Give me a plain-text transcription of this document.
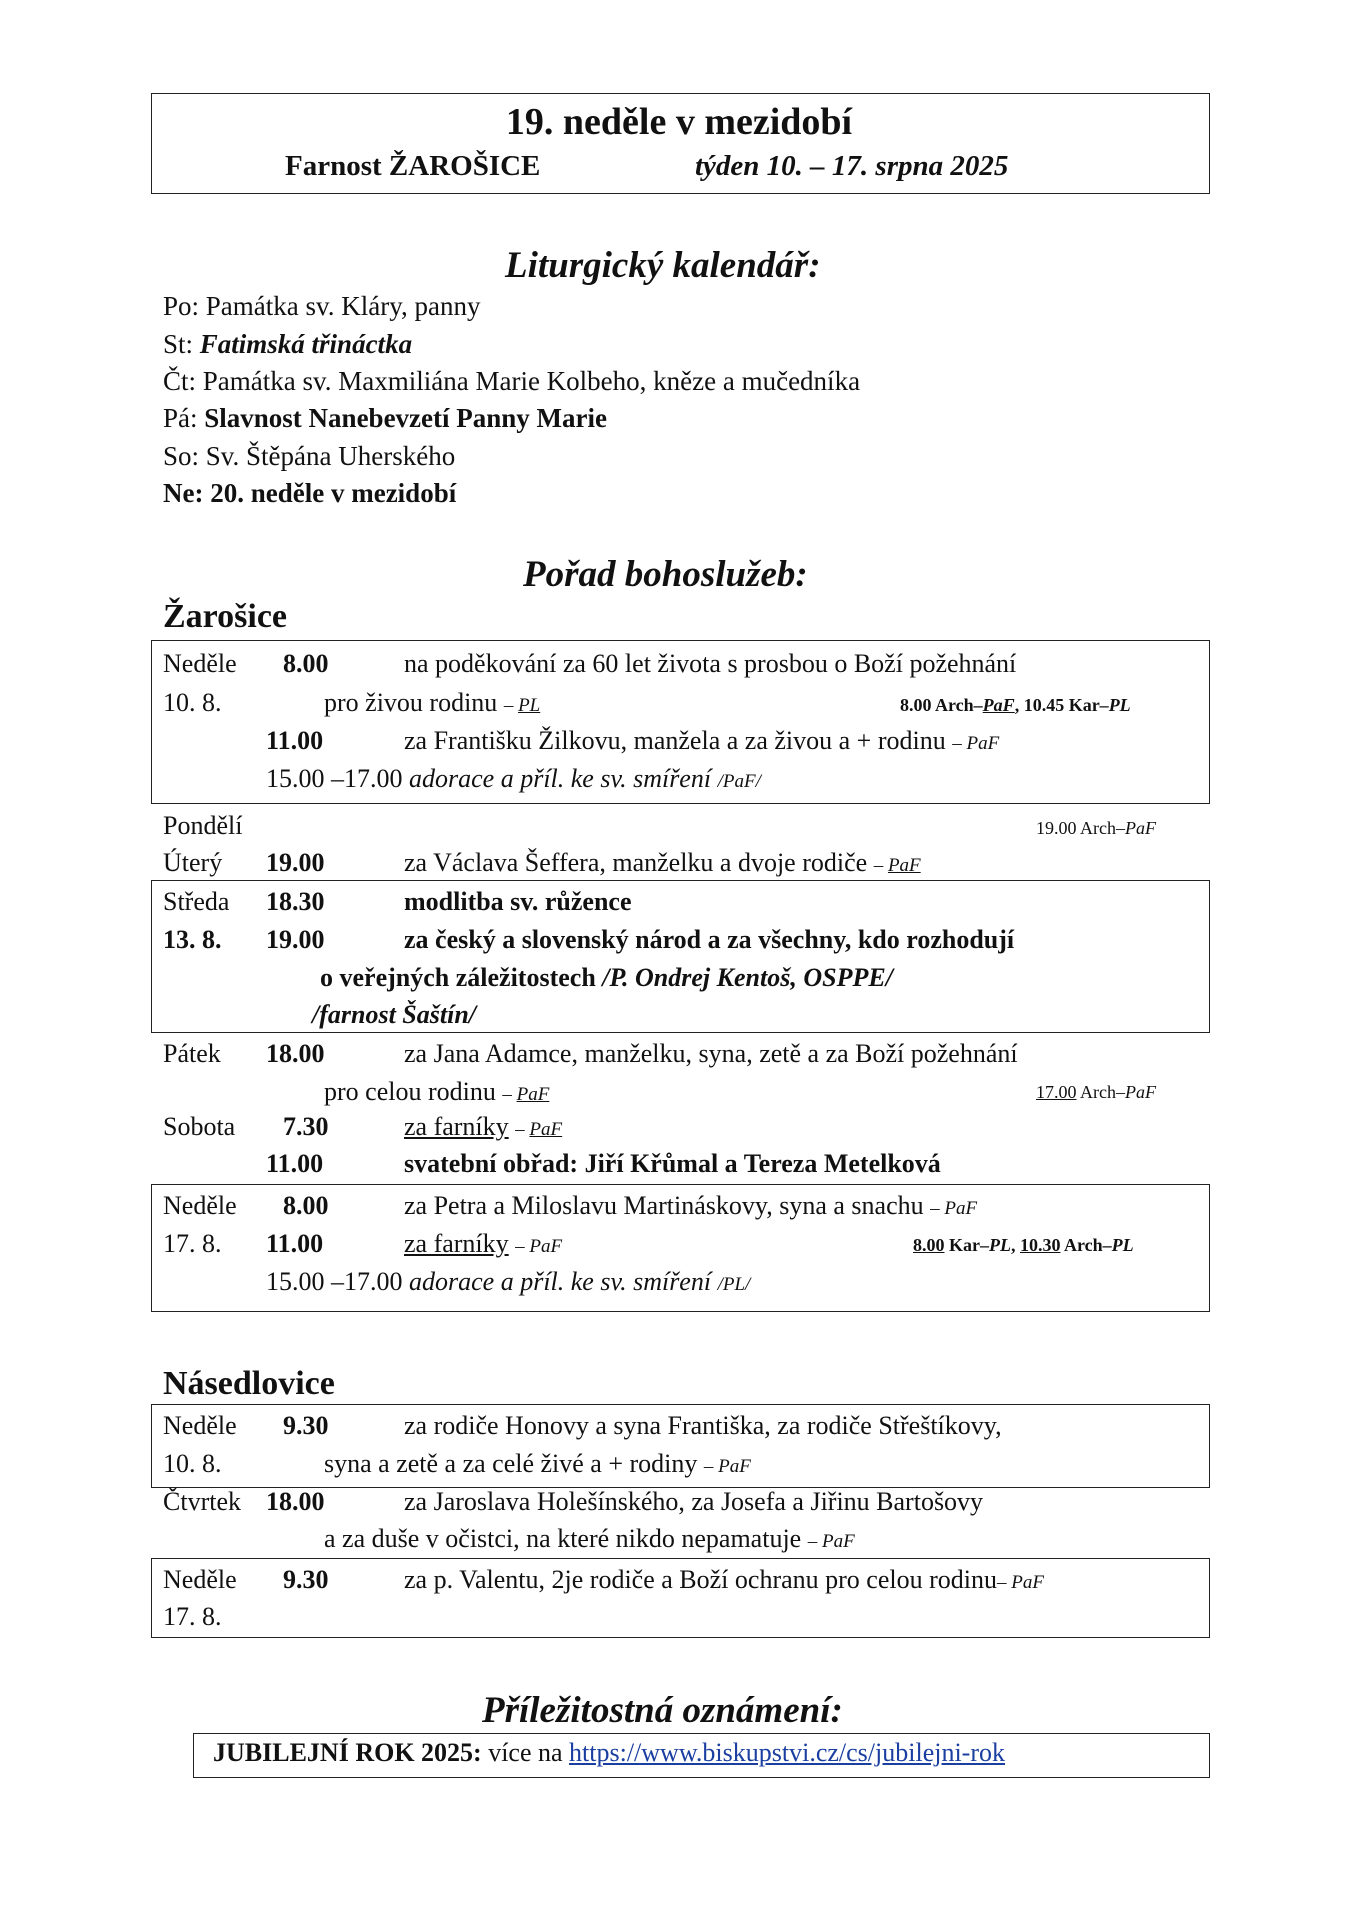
19. neděle v mezidobí
Farnost ŽAROŠICE	týden 10. – 17. srpna 2025
Liturgický kalendář:
Po: Památka sv. Kláry, panny
St: Fatimská třináctka
Čt: Památka sv. Maxmiliána Marie Kolbeho, kněze a mučedníka
Pá: Slavnost Nanebevzetí Panny Marie
So: Sv. Štěpána Uherského
Ne: 20. neděle v mezidobí
Pořad bohoslužeb:
Žarošice
Neděle 8.00	na poděkování za 60 let života s prosbou o Boží požehnání
10. 8.	pro živou rodinu – PL	8.00 Arch–PaF, 10.45 Kar–PL
11.00	za Františku Žilkovu, manžela a za živou a + rodinu – PaF
15.00 –17.00 adorace a příl. ke sv. smíření /PaF/
Pondělí	19.00 Arch–PaF
Úterý 19.00	za Václava Šeffera, manželku a dvoje rodiče – PaF
Středa 18.30	modlitba sv. růžence
13. 8. 19.00	za český a slovenský národ a za všechny, kdo rozhodují
o veřejných záležitostech /P. Ondrej Kentoš, OSPPE/
/farnost Šaštín/
Pátek 18.00	za Jana Adamce, manželku, syna, zetě a za Boží požehnání
pro celou rodinu – PaF	17.00 Arch–PaF
Sobota 7.30	za farníky – PaF
11.00	svatební obřad: Jiří Křůmal a Tereza Metelková
Neděle 8.00	za Petra a Miloslavu Martináskovy, syna a snachu – PaF
17. 8. 11.00	za farníky – PaF	8.00 Kar–PL, 10.30 Arch–PL
15.00 –17.00 adorace a příl. ke sv. smíření /PL/
Násedlovice
Neděle 9.30	za rodiče Honovy a syna Františka, za rodiče Střeštíkovy,
10. 8.	syna a zetě a za celé živé a + rodiny – PaF
Čtvrtek 18.00	za Jaroslava Holešínského, za Josefa a Jiřinu Bartošovy
a za duše v očistci, na které nikdo nepamatuje – PaF
Neděle 9.30	za p. Valentu, 2je rodiče a Boží ochranu pro celou rodinu– PaF
17. 8.
Příležitostná oznámení:
JUBILEJNÍ ROK 2025: více na https://www.biskupstvi.cz/cs/jubilejni-rok
